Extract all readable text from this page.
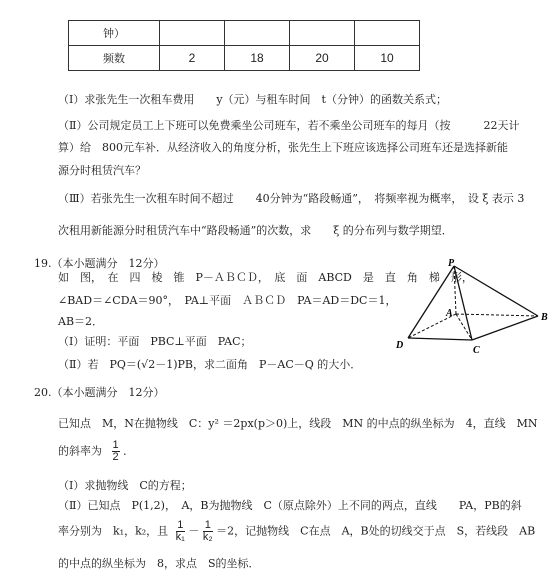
钟）				
频数	2	18	20	10
（Ⅰ）求张先生一次租车费用　　y（元）与租车时间　t（分钟）的函数关系式；
（Ⅱ）公司规定员工上下班可以免费乘坐公司班车，若不乘坐公司班车的每月（按　　　22天计
算）给　800元车补．从经济收入的角度分析，张先生上下班应该选择公司班车还是选择新能
源分时租赁汽车？
（Ⅲ）若张先生一次租车时间不超过　　40分钟为“路段畅通”，　将频率视为概率，　设 ξ 表示 3
次租用新能源分时租赁汽车中“路段畅通”的次数，求　　ξ 的分布列与数学期望．
19.（本小题满分　12分）
如　图，　在　四　棱　锥　P－ＡＢＣＤ，　底　面　ABCD　是　直　角　梯　形，
∠BAD＝∠CDA＝90°，　PA⊥平面　ＡＢＣＤ　PA＝AD＝DC＝1，
AB＝2．
（Ⅰ）证明：平面　PBC⊥平面　PAC；
（Ⅱ）若　PQ＝(√2－1)PB，求二面角　P－AC－Q 的大小．
P
A	B
C
D
20.（本小题满分　12分）
已知点　M，N在抛物线　C：y² ＝2px(p＞0)上，线段　MN 的中点的纵坐标为　4，直线　MN
的斜率为 $\frac{1}{2}$ ．
（Ⅰ）求抛物线　C的方程；
（Ⅱ）已知点　P(1,2)，　A，B为抛物线　C（原点除外）上不同的两点，直线　　PA，PB的斜
率分别为　k₁，k₂，且 $\frac{1}{\text{k₁}} - \frac{1}{\text{k₂}} =2$，记抛物线　C在点　A，B处的切线交于点　S，若线段　AB
的中点的纵坐标为　8，求点　S的坐标．
